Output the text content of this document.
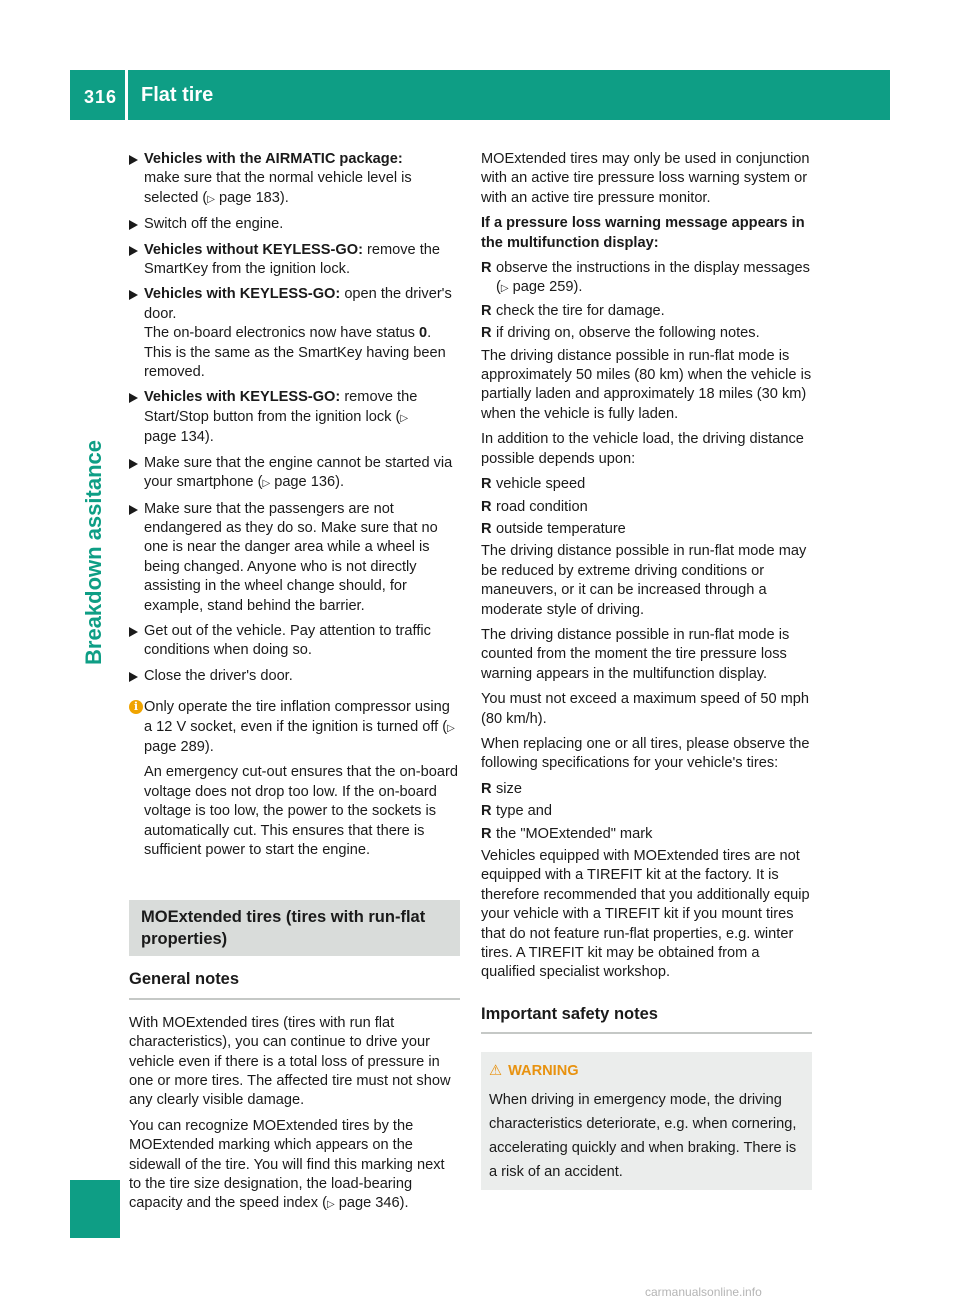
316 Flat tire
Breakdown assitance
Vehicles with the AIRMATIC package:
make sure that the normal vehicle level is selected (▷ page 183).
Switch off the engine.
Vehicles without KEYLESS-GO: remove the SmartKey from the ignition lock.
Vehicles with KEYLESS-GO: open the driver's door.
The on-board electronics now have status 0.
This is the same as the SmartKey having been removed.
Vehicles with KEYLESS-GO: remove the Start/Stop button from the ignition lock (▷ page 134).
Make sure that the engine cannot be started via your smartphone (▷ page 136).
Make sure that the passengers are not endangered as they do so. Make sure that no one is near the danger area while a wheel is being changed. Anyone who is not directly assisting in the wheel change should, for example, stand behind the barrier.
Get out of the vehicle. Pay attention to traffic conditions when doing so.
Close the driver's door.
i Only operate the tire inflation compressor using a 12 V socket, even if the ignition is turned off (▷ page 289).

An emergency cut-out ensures that the on-board voltage does not drop too low. If the on-board voltage is too low, the power to the sockets is automatically cut. This ensures that there is sufficient power to start the engine.

MOExtended tires (tires with run-flat properties)
General notes

With MOExtended tires (tires with run flat characteristics), you can continue to drive your vehicle even if there is a total loss of pressure in one or more tires. The affected tire must not show any clearly visible damage.

You can recognize MOExtended tires by the MOExtended marking which appears on the sidewall of the tire. You will find this marking next to the tire size designation, the load-bearing capacity and the speed index (▷ page 346).

MOExtended tires may only be used in conjunction with an active tire pressure loss warning system or with an active tire pressure monitor.

If a pressure loss warning message appears in the multifunction display:

R observe the instructions in the display messages (▷ page 259).
R check the tire for damage.
R if driving on, observe the following notes.

The driving distance possible in run-flat mode is approximately 50 miles (80 km) when the vehicle is partially laden and approximately 18 miles (30 km) when the vehicle is fully laden.

In addition to the vehicle load, the driving distance possible depends upon:

R vehicle speed
R road condition
R outside temperature

The driving distance possible in run-flat mode may be reduced by extreme driving conditions or maneuvers, or it can be increased through a moderate style of driving.

The driving distance possible in run-flat mode is counted from the moment the tire pressure loss warning appears in the multifunction display.

You must not exceed a maximum speed of 50 mph (80 km/h).

When replacing one or all tires, please observe the following specifications for your vehicle's tires:

R size
R type and
R the "MOExtended" mark

Vehicles equipped with MOExtended tires are not equipped with a TIREFIT kit at the factory. It is therefore recommended that you additionally equip your vehicle with a TIREFIT kit if you mount tires that do not feature run-flat properties, e.g. winter tires. A TIREFIT kit may be obtained from a qualified specialist workshop.

Important safety notes
⚠ WARNING

When driving in emergency mode, the driving characteristics deteriorate, e.g. when cornering, accelerating quickly and when braking. There is a risk of an accident.

carmanualsonline.info
